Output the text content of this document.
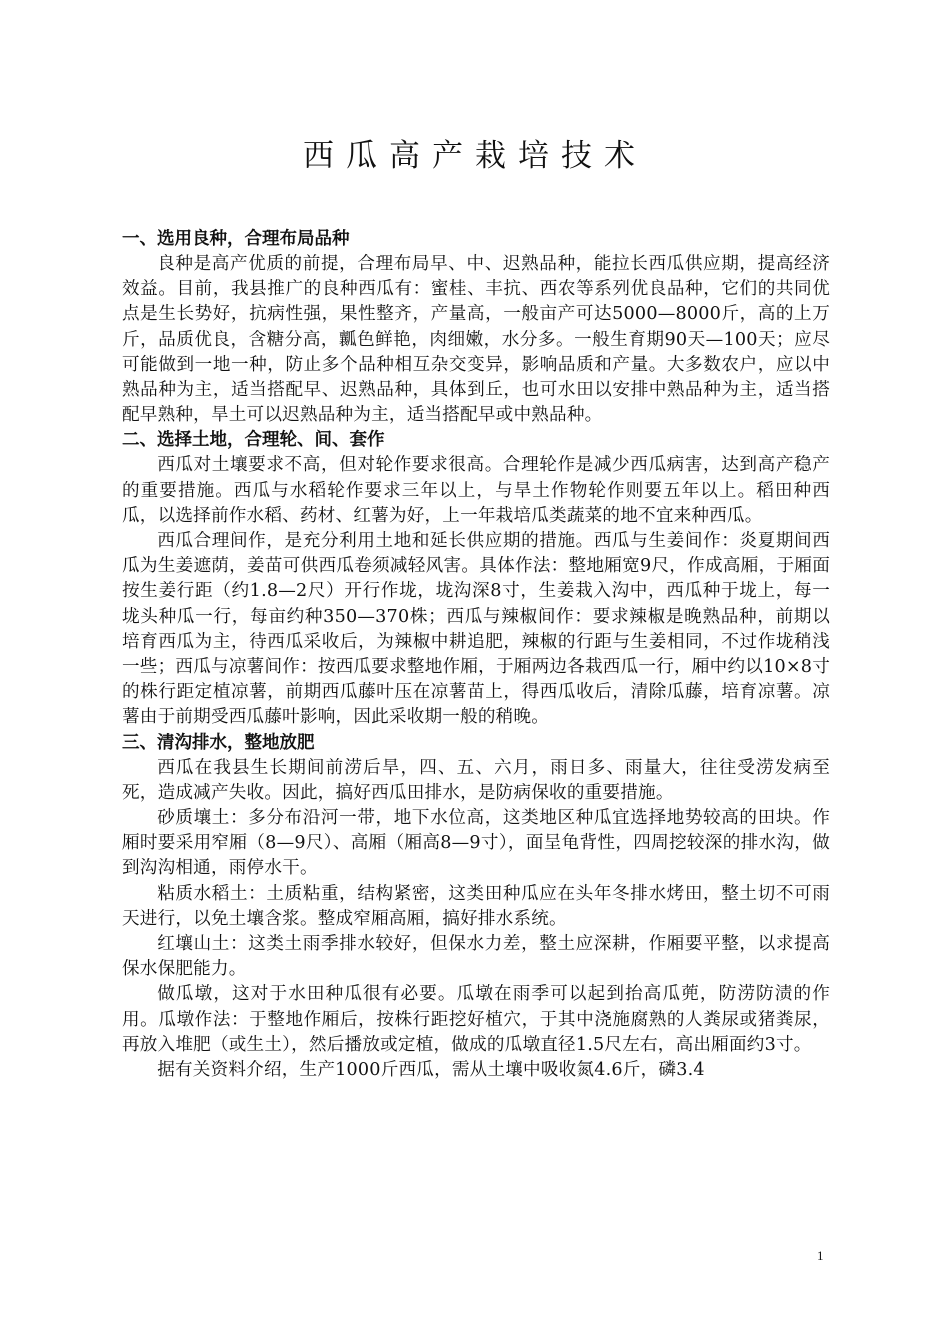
西瓜高产栽培技术
一、选用良种，合理布局品种

良种是高产优质的前提，合理布局早、中、迟熟品种，能拉长西瓜供应期，提高经济效益。目前，我县推广的良种西瓜有：蜜桂、丰抗、西农等系列优良品种，它们的共同优点是生长势好，抗病性强，果性整齐，产量高，一般亩产可达5000—8000斤，高的上万斤，品质优良，含糖分高，瓤色鲜艳，肉细嫩，水分多。一般生育期90天—100天；应尽可能做到一地一种，防止多个品种相互杂交变异，影响品质和产量。大多数农户，应以中熟品种为主，适当搭配早、迟熟品种，具体到丘，也可水田以安排中熟品种为主，适当搭配早熟种，旱土可以迟熟品种为主，适当搭配早或中熟品种。

二、选择土地，合理轮、间、套作

西瓜对土壤要求不高，但对轮作要求很高。合理轮作是减少西瓜病害，达到高产稳产的重要措施。西瓜与水稻轮作要求三年以上，与旱土作物轮作则要五年以上。稻田种西瓜，以选择前作水稻、药材、红薯为好，上一年栽培瓜类蔬菜的地不宜来种西瓜。

西瓜合理间作，是充分利用土地和延长供应期的措施。西瓜与生姜间作：炎夏期间西瓜为生姜遮荫，姜苗可供西瓜卷须减轻风害。具体作法：整地厢宽9尺，作成高厢，于厢面按生姜行距（约1.8—2尺）开行作垅，垅沟深8寸，生姜栽入沟中，西瓜种于垅上，每一垅头种瓜一行，每亩约种350—370株；西瓜与辣椒间作：要求辣椒是晚熟品种，前期以培育西瓜为主，待西瓜采收后，为辣椒中耕追肥，辣椒的行距与生姜相同，不过作垅稍浅一些；西瓜与凉薯间作：按西瓜要求整地作厢，于厢两边各栽西瓜一行，厢中约以10×8寸的株行距定植凉薯，前期西瓜藤叶压在凉薯苗上，得西瓜收后，清除瓜藤，培育凉薯。凉薯由于前期受西瓜藤叶影响，因此采收期一般的稍晚。

三、清沟排水，整地放肥

西瓜在我县生长期间前涝后旱，四、五、六月，雨日多、雨量大，往往受涝发病至死，造成减产失收。因此，搞好西瓜田排水，是防病保收的重要措施。

砂质壤土：多分布沿河一带，地下水位高，这类地区种瓜宜选择地势较高的田块。作厢时要采用窄厢（8—9尺）、高厢（厢高8—9寸），面呈龟背性，四周挖较深的排水沟，做到沟沟相通，雨停水干。

粘质水稻土：土质粘重，结构紧密，这类田种瓜应在头年冬排水烤田，整土切不可雨天进行，以免土壤含浆。整成窄厢高厢，搞好排水系统。

红壤山土：这类土雨季排水较好，但保水力差，整土应深耕，作厢要平整，以求提高保水保肥能力。

做瓜墩，这对于水田种瓜很有必要。瓜墩在雨季可以起到抬高瓜蔸，防涝防渍的作用。瓜墩作法：于整地作厢后，按株行距挖好植穴，于其中浇施腐熟的人粪尿或猪粪尿，再放入堆肥（或生土），然后播放或定植，做成的瓜墩直径1.5尺左右，高出厢面约3寸。

据有关资料介绍，生产1000斤西瓜，需从土壤中吸收氮4.6斤，磷3.4

1
